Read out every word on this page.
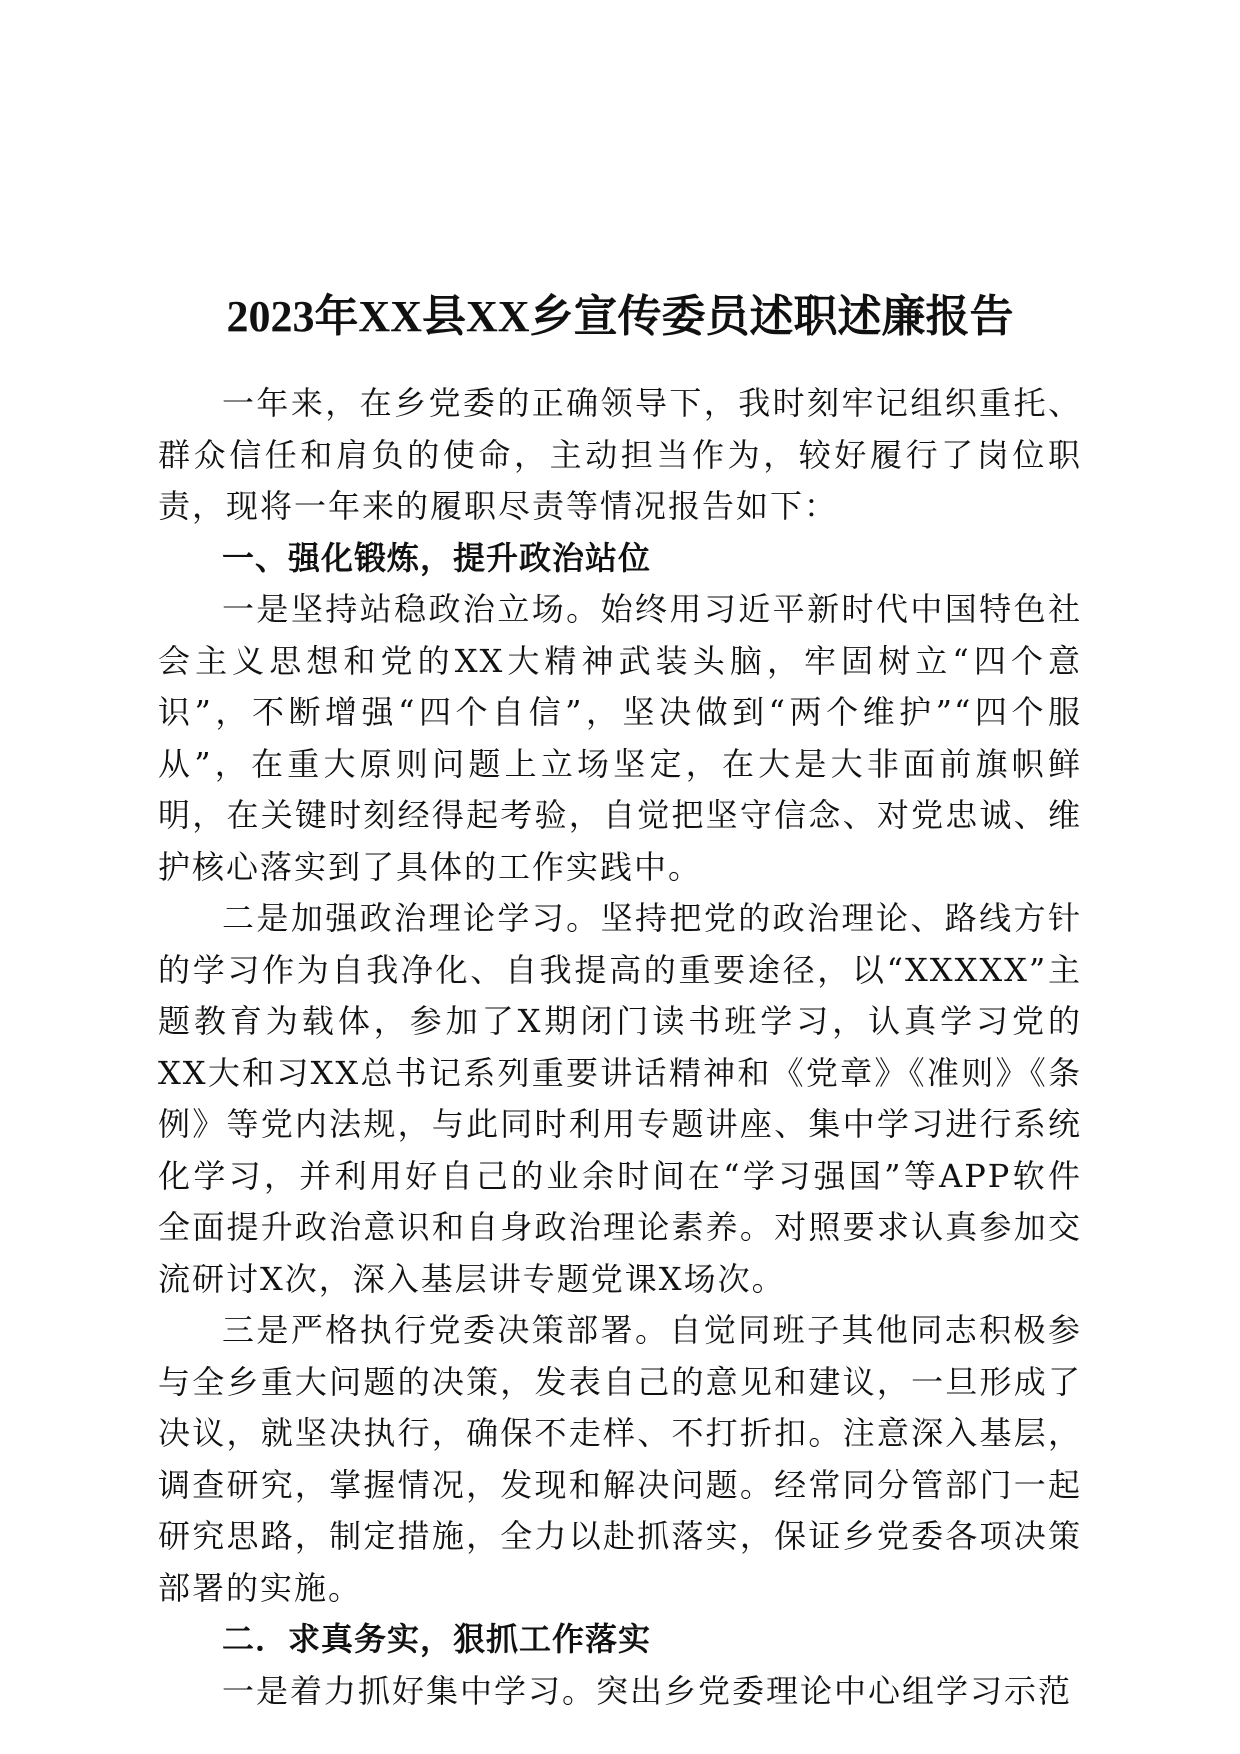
2023年XX县XX乡宣传委员述职述廉报告

一年来，在乡党委的正确领导下，我时刻牢记组织重托、群众信任和肩负的使命，主动担当作为，较好履行了岗位职责，现将一年来的履职尽责等情况报告如下：

一、强化锻炼，提升政治站位

一是坚持站稳政治立场。始终用习近平新时代中国特色社会主义思想和党的XX大精神武装头脑，牢固树立“四个意识”，不断增强“四个自信”，坚决做到“两个维护”“四个服从”，在重大原则问题上立场坚定，在大是大非面前旗帜鲜明，在关键时刻经得起考验，自觉把坚守信念、对党忠诚、维护核心落实到了具体的工作实践中。

二是加强政治理论学习。坚持把党的政治理论、路线方针的学习作为自我净化、自我提高的重要途径，以“XXXXX”主题教育为载体，参加了X期闭门读书班学习，认真学习党的XX大和习XX总书记系列重要讲话精神和《党章》《准则》《条例》等党内法规，与此同时利用专题讲座、集中学习进行系统化学习，并利用好自己的业余时间在“学习强国”等APP软件全面提升政治意识和自身政治理论素养。对照要求认真参加交流研讨X次，深入基层讲专题党课X场次。

三是严格执行党委决策部署。自觉同班子其他同志积极参与全乡重大问题的决策，发表自己的意见和建议，一旦形成了决议，就坚决执行，确保不走样、不打折扣。注意深入基层，调查研究，掌握情况，发现和解决问题。经常同分管部门一起研究思路，制定措施，全力以赴抓落实，保证乡党委各项决策部署的实施。

二．求真务实，狠抓工作落实

一是着力抓好集中学习。突出乡党委理论中心组学习示范
